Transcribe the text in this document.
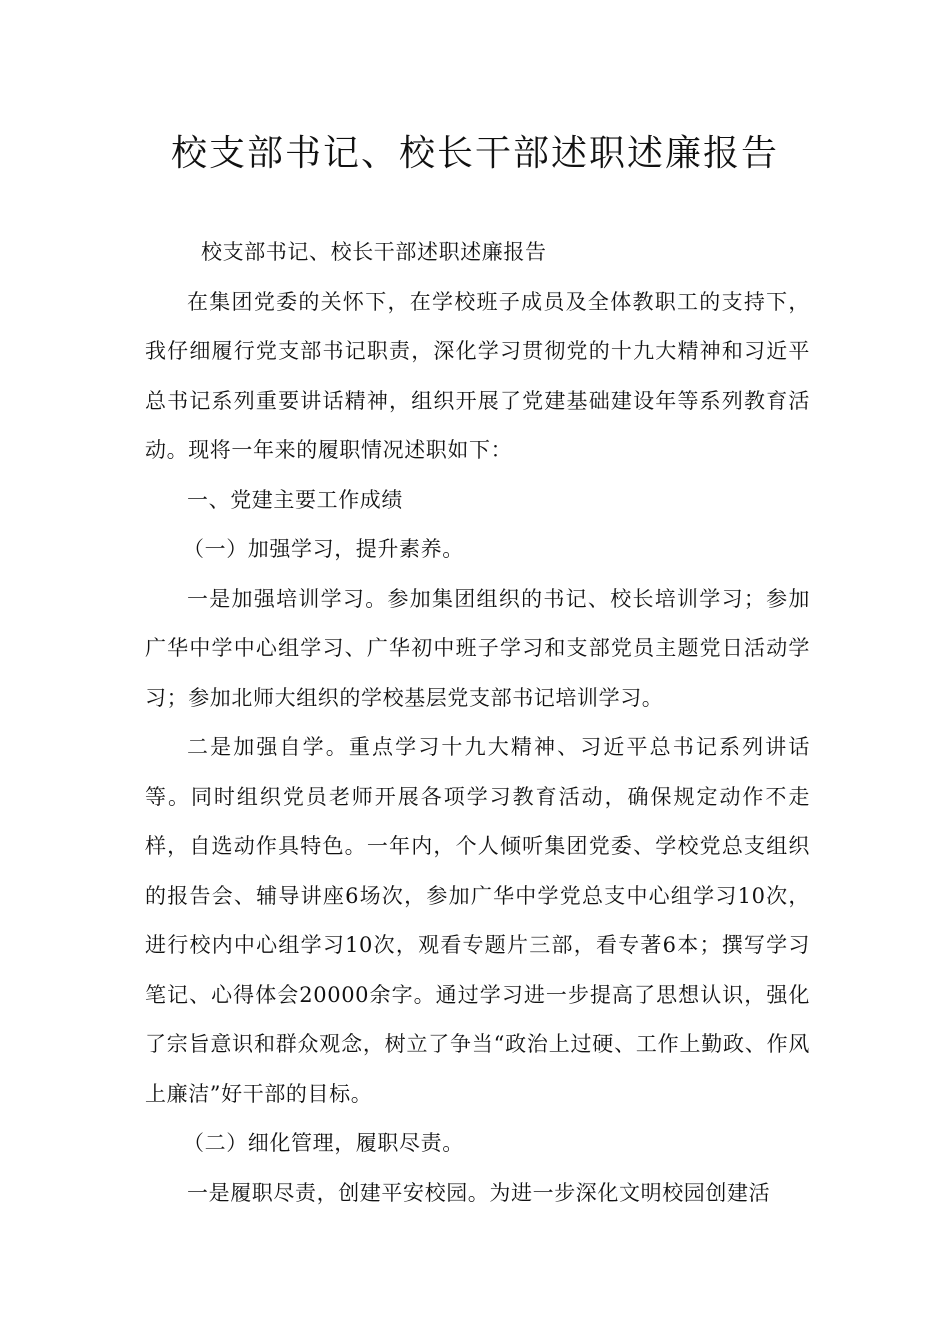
校支部书记、校长干部述职述廉报告

校支部书记、校长干部述职述廉报告

在集团党委的关怀下，在学校班子成员及全体教职工的支持下，我仔细履行党支部书记职责，深化学习贯彻党的十九大精神和习近平总书记系列重要讲话精神，组织开展了党建基础建设年等系列教育活动。现将一年来的履职情况述职如下：

一、党建主要工作成绩

（一）加强学习，提升素养。

一是加强培训学习。参加集团组织的书记、校长培训学习；参加广华中学中心组学习、广华初中班子学习和支部党员主题党日活动学习；参加北师大组织的学校基层党支部书记培训学习。

二是加强自学。重点学习十九大精神、习近平总书记系列讲话等。同时组织党员老师开展各项学习教育活动，确保规定动作不走样，自选动作具特色。一年内，个人倾听集团党委、学校党总支组织的报告会、辅导讲座6场次，参加广华中学党总支中心组学习10次，进行校内中心组学习10次，观看专题片三部，看专著6本；撰写学习笔记、心得体会20000余字。通过学习进一步提高了思想认识，强化了宗旨意识和群众观念，树立了争当“政治上过硬、工作上勤政、作风上廉洁”好干部的目标。

（二）细化管理，履职尽责。

一是履职尽责，创建平安校园。为进一步深化文明校园创建活
